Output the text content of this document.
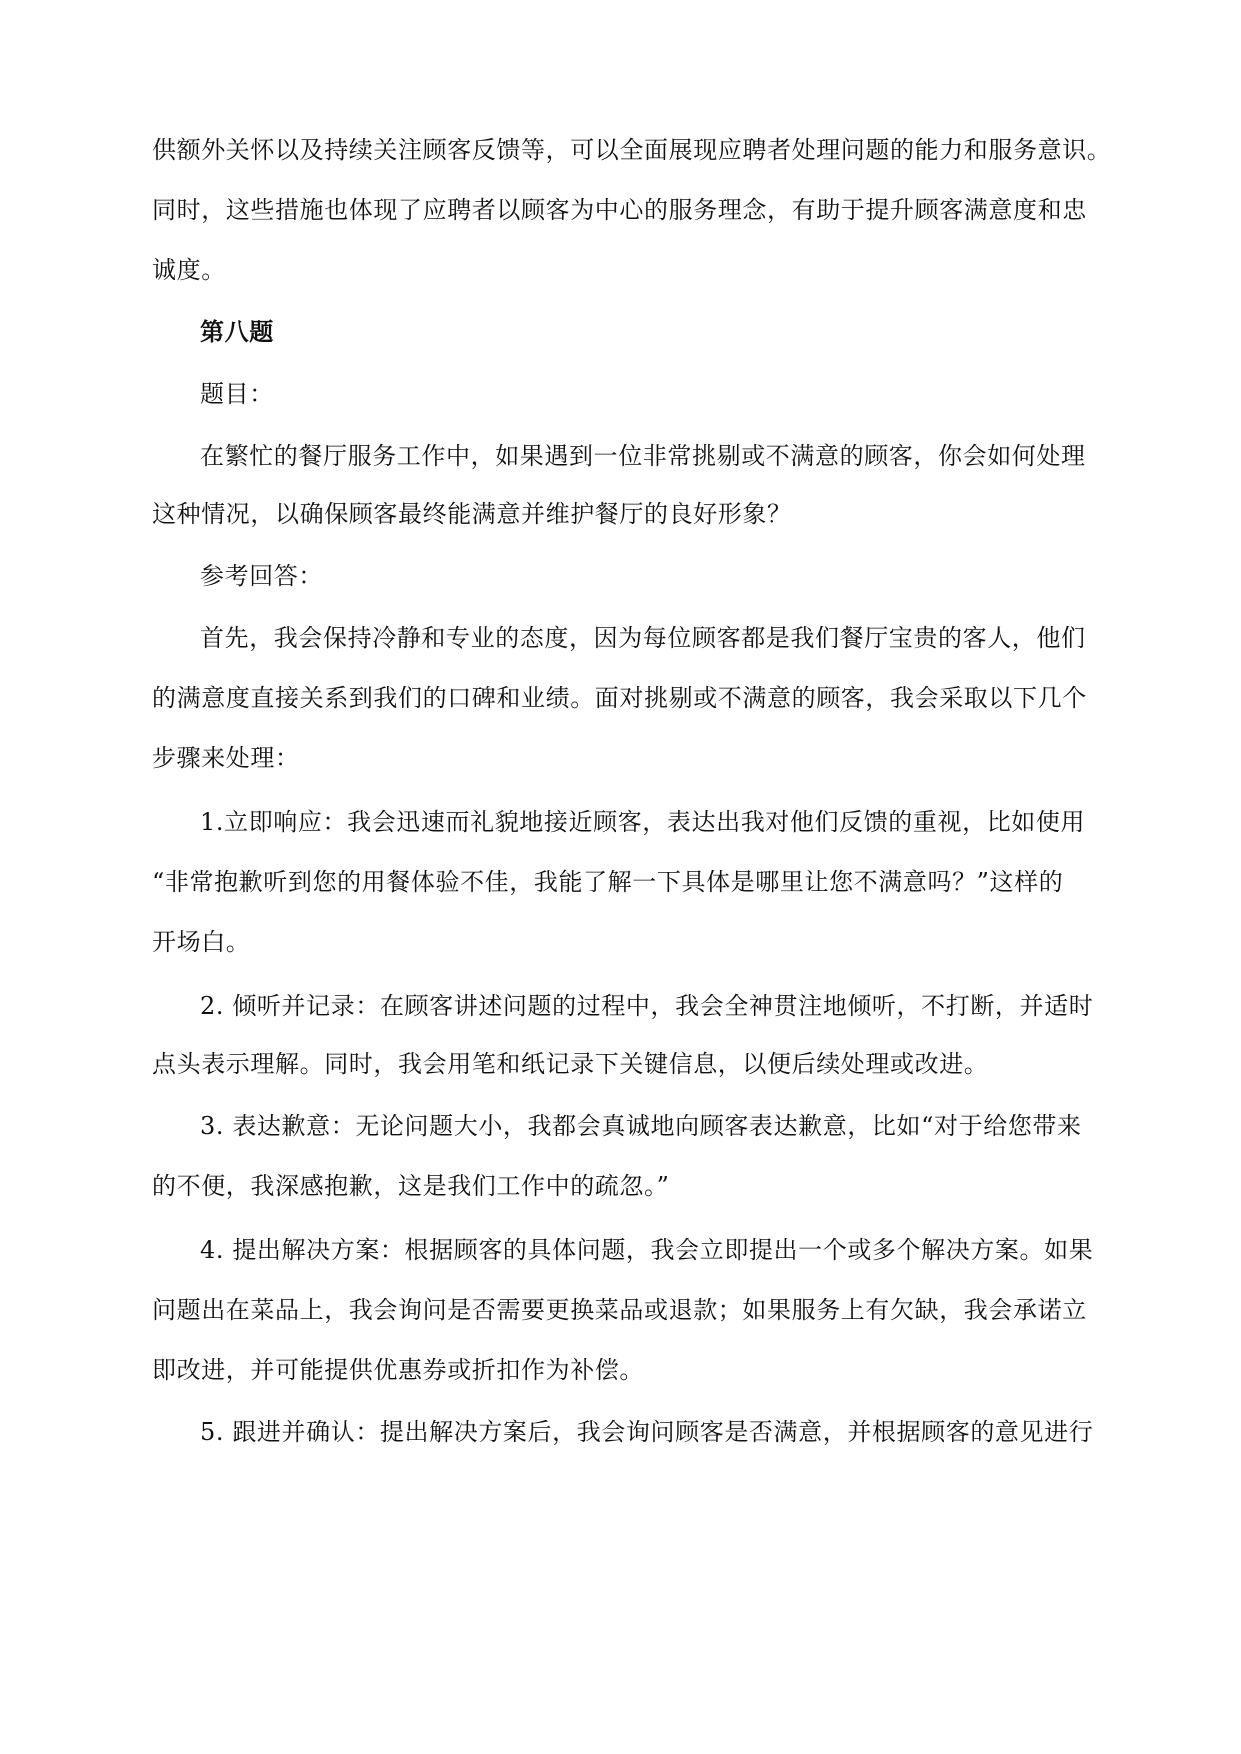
供额外关怀以及持续关注顾客反馈等，可以全面展现应聘者处理问题的能力和服务意识。
同时，这些措施也体现了应聘者以顾客为中心的服务理念，有助于提升顾客满意度和忠
诚度。
第八题
题目：
在繁忙的餐厅服务工作中，如果遇到一位非常挑剔或不满意的顾客，你会如何处理
这种情况，以确保顾客最终能满意并维护餐厅的良好形象？
参考回答：
首先，我会保持冷静和专业的态度，因为每位顾客都是我们餐厅宝贵的客人，他们
的满意度直接关系到我们的口碑和业绩。面对挑剔或不满意的顾客，我会采取以下几个
步骤来处理：
1.立即响应：我会迅速而礼貌地接近顾客，表达出我对他们反馈的重视，比如使用
“非常抱歉听到您的用餐体验不佳，我能了解一下具体是哪里让您不满意吗？”这样的
开场白。
2. 倾听并记录：在顾客讲述问题的过程中，我会全神贯注地倾听，不打断，并适时
点头表示理解。同时，我会用笔和纸记录下关键信息，以便后续处理或改进。
3. 表达歉意：无论问题大小，我都会真诚地向顾客表达歉意，比如“对于给您带来
的不便，我深感抱歉，这是我们工作中的疏忽。”
4. 提出解决方案：根据顾客的具体问题，我会立即提出一个或多个解决方案。如果
问题出在菜品上，我会询问是否需要更换菜品或退款；如果服务上有欠缺，我会承诺立
即改进，并可能提供优惠券或折扣作为补偿。
5. 跟进并确认：提出解决方案后，我会询问顾客是否满意，并根据顾客的意见进行
